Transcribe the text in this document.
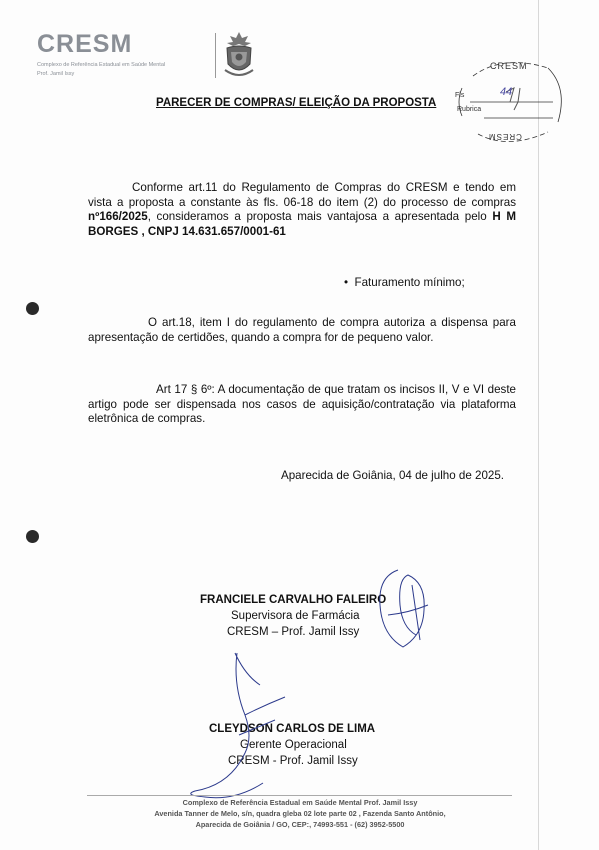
CRESM
Complexo de Referência Estadual em Saúde Mental
Prof. Jamil Issy
CRESM
Fls	44
Rubrica
CRESM
PARECER DE COMPRAS/ ELEIÇÃO DA PROPOSTA
Conforme art.11 do Regulamento de Compras do CRESM e tendo em vista a proposta a constante às fls. 06-18 do item (2) do processo de compras nº166/2025, consideramos a proposta mais vantajosa a apresentada pelo H M BORGES , CNPJ 14.631.657/0001-61
•  Faturamento mínimo;
O art.18, item I do regulamento de compra autoriza a dispensa para apresentação de certidões, quando a compra for de pequeno valor.
Art 17 § 6º: A documentação de que tratam os incisos II, V e VI deste artigo pode ser dispensada nos casos de aquisição/contratação via plataforma eletrônica de compras.
Aparecida de Goiânia, 04 de julho de 2025.
FRANCIELE CARVALHO FALEIRO
Supervisora de Farmácia
CRESM – Prof. Jamil Issy
CLEYDSON CARLOS DE LIMA
Gerente Operacional
CRESM - Prof. Jamil Issy
Complexo de Referência Estadual em Saúde Mental Prof. Jamil Issy
Avenida Tanner de Melo, s/n, quadra gleba 02 lote parte 02 , Fazenda Santo Antônio,
Aparecida de Goiânia / GO, CEP:, 74993-551 - (62) 3952-5500
